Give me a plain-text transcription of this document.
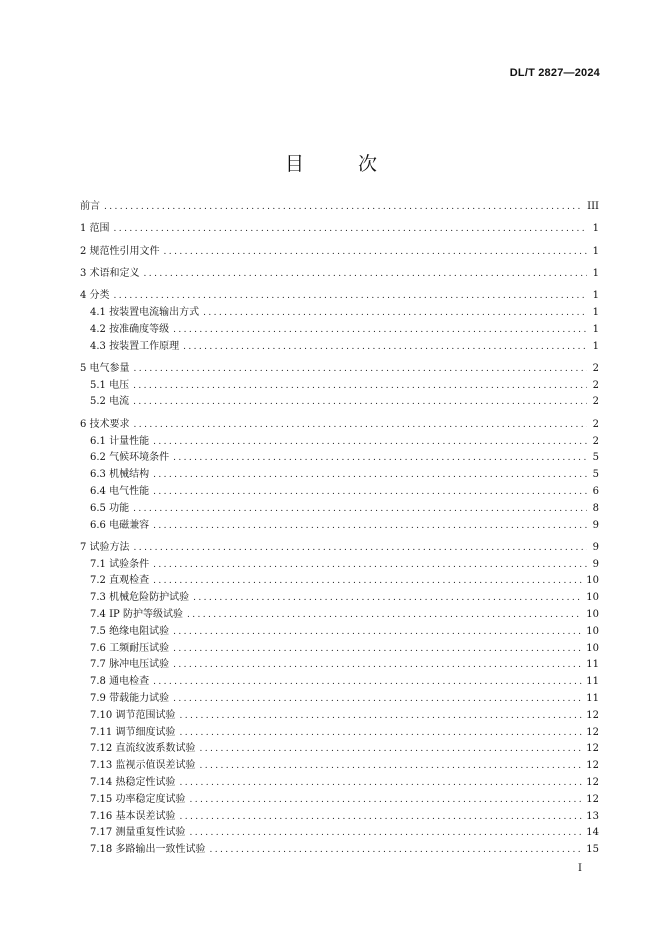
DL/T 2827—2024
目 次
前言 .....	III
1 范围 .....	1
2 规范性引用文件 .....	1
3 术语和定义 .....	1
4 分类 .....	1
4.1 按装置电流输出方式 .....	1
4.2 按准确度等级 .....	1
4.3 按装置工作原理 .....	1
5 电气参量 .....	2
5.1 电压 .....	2
5.2 电流 .....	2
6 技术要求 .....	2
6.1 计量性能 .....	2
6.2 气候环境条件 .....	5
6.3 机械结构 .....	5
6.4 电气性能 .....	6
6.5 功能 .....	8
6.6 电磁兼容 .....	9
7 试验方法 .....	9
7.1 试验条件 .....	9
7.2 直观检查 .....	10
7.3 机械危险防护试验 .....	10
7.4 IP 防护等级试验 .....	10
7.5 绝缘电阻试验 .....	10
7.6 工频耐压试验 .....	10
7.7 脉冲电压试验 .....	11
7.8 通电检查 .....	11
7.9 带载能力试验 .....	11
7.10 调节范围试验 .....	12
7.11 调节细度试验 .....	12
7.12 直流纹波系数试验 .....	12
7.13 监视示值误差试验 .....	12
7.14 热稳定性试验 .....	12
7.15 功率稳定度试验 .....	12
7.16 基本误差试验 .....	13
7.17 测量重复性试验 .....	14
7.18 多路输出一致性试验 .....	15
I
